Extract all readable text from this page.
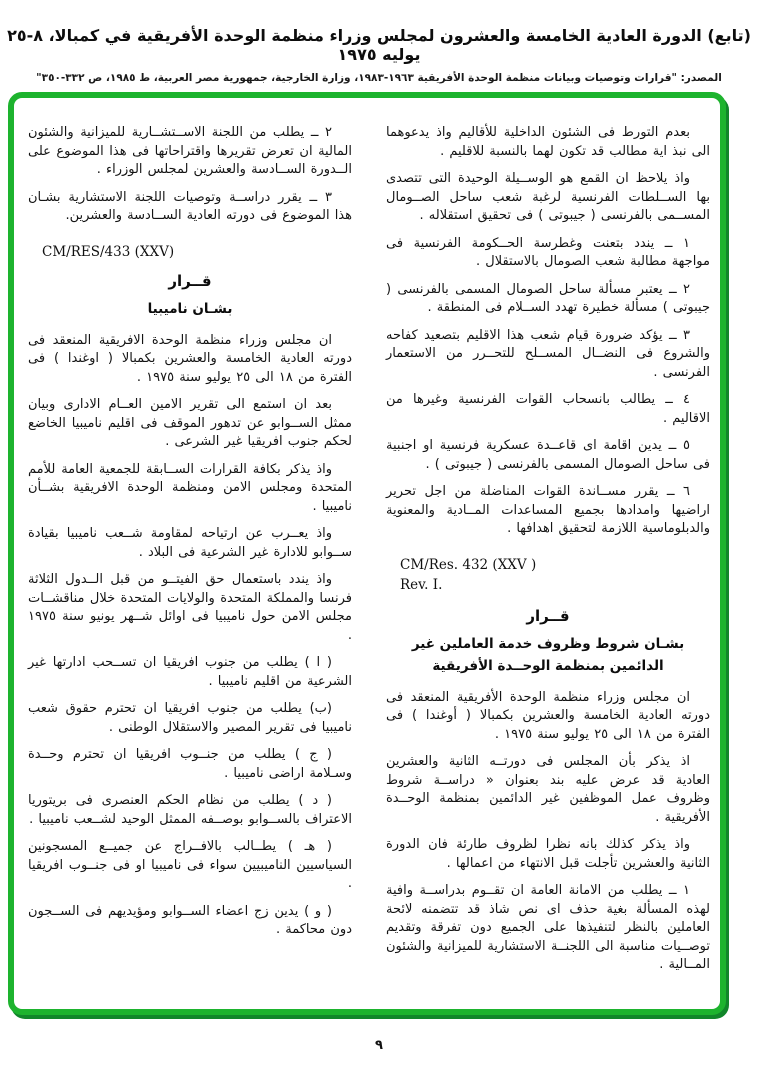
(تابع) الدورة العادية الخامسة والعشرون لمجلس وزراء منظمة الوحدة الأفريقية في كمبالا، ٨-٢٥ يوليه ١٩٧٥
المصدر: "قرارات وتوصيات وبيانات منظمة الوحدة الأفريقية ١٩٦٣-١٩٨٣، وزارة الخارجية، جمهورية مصر العربية، ط ١٩٨٥، ص ٣٣٢-٣٥٠"

بعدم التورط فى الشئون الداخلية للأقاليم واذ يدعوهما الى نبذ اية مطالب قد تكون لهما بالنسبة للاقليم .

واذ يلاحظ ان القمع هو الوســيلة الوحيدة التى تتصدى بها الســلطات الفرنسية لرغبة شعب ساحل الصــومال المســمى بالفرنسى ( جيبوتى ) فى تحقيق استقلاله .

١ ــ يندد بتعنت وغطرسة الحــكومة الفرنسية فى مواجهة مطالبة شعب الصومال بالاستقلال .

٢ ــ يعتبر مسألة ساحل الصومال المسمى بالفرنسى ( جيبوتى ) مسألة خطيرة تهدد الســلام فى المنطقة .

٣ ــ يؤكد ضرورة قيام شعب هذا الاقليم بتصعيد كفاحه والشروع فى النضــال المســلح للتحــرر من الاستعمار الفرنسى .

٤ ــ يطالب بانسحاب القوات الفرنسية وغيرها من الاقاليم .

٥ ــ يدين اقامة اى قاعــدة عسكرية فرنسية او اجنبية فى ساحل الصومال المسمى بالفرنسى ( جيبوتى ) .

٦ ــ يقرر مســاندة القوات المناضلة من اجل تحرير اراضيها وامدادها بجميع المساعدات المــادية والمعنوية والدبلوماسية اللازمة لتحقيق اهدافها .

CM/Res. 432 (XXV )

Rev. I.

قــرار

بشـان شروط وظروف خدمة العاملين غير

الدائمين بمنظمة الوحــدة الأفريقية

ان مجلس وزراء منظمة الوحدة الأفريقية المنعقد فى دورته العادية الخامسة والعشرين بكمبالا ( أوغندا ) فى الفترة من ١٨ الى ٢٥ يوليو سنة ١٩٧٥ .

اذ يذكر بأن المجلس فى دورتــه الثانية والعشرين العادية قد عرض عليه بند بعنوان « دراســة شروط وظروف عمل الموظفين غير الدائمين بمنظمة الوحــدة الأفريقية .

واذ يذكر كذلك بانه نظرا لظروف طارئة فان الدورة الثانية والعشرين تأجلت قبل الانتهاء من اعمالها .

١ ــ يطلب من الامانة العامة ان تقــوم بدراســة وافية لهذه المسألة بغية حذف اى نص شاذ قد تتضمنه لائحة العاملين بالنظر لتنفيذها على الجميع دون تفرقة وتقديم توصــيات مناسبة الى اللجنــة الاستشارية للميزانية والشئون المــالية .

٢ ــ يطلب من اللجنة الاســتشــارية للميزانية والشئون المالية ان تعرض تقريرها واقتراحاتها فى هذا الموضوع على الــدورة الســادسة والعشرين لمجلس الوزراء .

٣ ــ يقرر دراســة وتوصيات اللجنة الاستشارية بشـان هذا الموضوع فى دورته العادية الســادسة والعشرين.

CM/RES/433 (XXV)

قــرار

بشـان ناميبيا

ان مجلس وزراء منظمة الوحدة الافريقية المنعقد فى دورته العادية الخامسة والعشرين بكمبالا ( اوغندا ) فى الفترة من ١٨ الى ٢٥ يوليو سنة ١٩٧٥ .

بعد ان استمع الى تقرير الامين العــام الادارى وبيان ممثل الســوابو عن تدهور الموقف فى اقليم ناميبيا الخاضع لحكم جنوب افريقيا غير الشرعى .

واذ يذكر بكافة القرارات الســابقة للجمعية العامة للأمم المتحدة ومجلس الامن ومنظمة الوحدة الافريقية بشــأن ناميبيا .

واذ يعــرب عن ارتياحه لمقاومة شــعب ناميبيا بقيادة ســوابو للادارة غير الشرعية فى البلاد .

واذ يندد باستعمال حق الفيتــو من قبل الــدول الثلاثة فرنسا والمملكة المتحدة والولايات المتحدة خلال مناقشــات مجلس الامن حول ناميبيا فى اوائل شــهر يونيو سنة ١٩٧٥ .

( ا ) يطلب من جنوب افريقيا ان تســحب ادارتها غير الشرعية من اقليم ناميبيا .

(ب) يطلب من جنوب افريقيا ان تحترم حقوق شعب ناميبيا فى تقرير المصير والاستقلال الوطنى .

( ج ) يطلب من جنــوب افريقيا ان تحترم وحــدة وسـلامة اراضى ناميبيا .

( د ) يطلب من نظام الحكم العنصرى فى بريتوريا الاعتراف بالســوابو بوصــفه الممثل الوحيد لشــعب ناميبيا .

( هـ ) يطــالب بالافــراج عن جميــع المسجونين السياسيين الناميبيين سواء فى ناميبيا او فى جنــوب افريقيا .

( و ) يدين زج اعضاء الســوابو ومؤيديهم فى الســجون دون محاكمة .

٩
